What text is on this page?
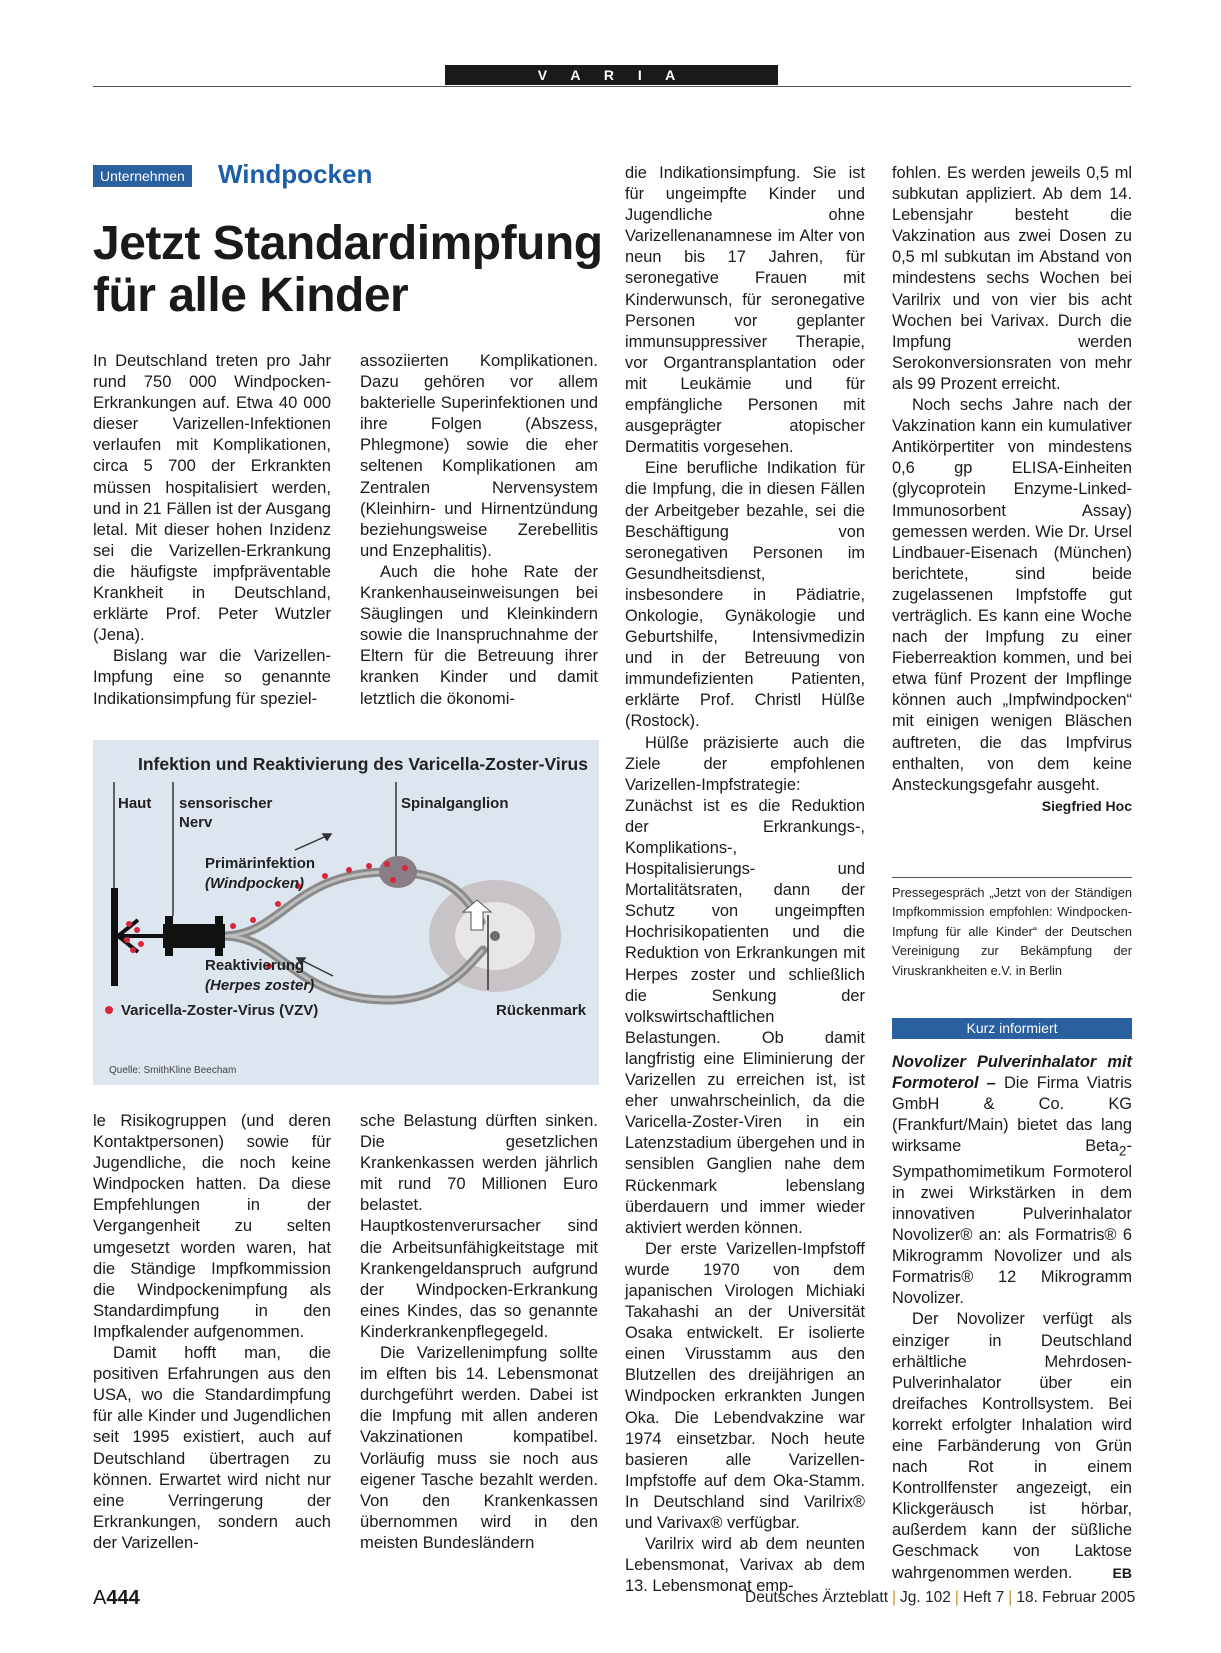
V A R I A
Unternehmen Windpocken
Jetzt Standardimpfung für alle Kinder

In Deutschland treten pro Jahr rund 750 000 Windpocken-Erkrankungen auf. Etwa 40 000 dieser Varizellen-Infektionen verlaufen mit Komplikationen, circa 5 700 der Erkrankten müssen hospitalisiert werden, und in 21 Fällen ist der Ausgang letal. Mit dieser hohen Inzidenz sei die Varizellen-Erkrankung die häufigste impfpräventable Krankheit in Deutschland, erklärte Prof. Peter Wutzler (Jena).

Bislang war die Varizellen-Impfung eine so genannte Indikationsimpfung für speziel-

assoziierten Komplikationen. Dazu gehören vor allem bakterielle Superinfektionen und ihre Folgen (Abszess, Phlegmone) sowie die eher seltenen Komplikationen am Zentralen Nervensystem (Kleinhirn- und Hirnentzündung beziehungsweise Zerebellitis und Enzephalitis).

Auch die hohe Rate der Krankenhauseinweisungen bei Säuglingen und Kleinkindern sowie die Inanspruchnahme der Eltern für die Betreuung ihrer kranken Kinder und damit letztlich die ökonomi-

Infektion und Reaktivierung des Varicella-Zoster-Virus
Haut sensorischer Nerv
Spinalganglion
Primärinfektion
(Windpocken)
Reaktivierung
(Herpes zoster)
Varicella-Zoster-Virus (VZV)	Rückenmark
Quelle: SmithKline Beecham

le Risikogruppen (und deren Kontaktpersonen) sowie für Jugendliche, die noch keine Windpocken hatten. Da diese Empfehlungen in der Vergangenheit zu selten umgesetzt worden waren, hat die Ständige Impfkommission die Windpockenimpfung als Standardimpfung in den Impfkalender aufgenommen.

Damit hofft man, die positiven Erfahrungen aus den USA, wo die Standardimpfung für alle Kinder und Jugendlichen seit 1995 existiert, auch auf Deutschland übertragen zu können. Erwartet wird nicht nur eine Verringerung der Erkrankungen, sondern auch der Varizellen-

sche Belastung dürften sinken. Die gesetzlichen Krankenkassen werden jährlich mit rund 70 Millionen Euro belastet. Hauptkostenverursacher sind die Arbeitsunfähigkeitstage mit Krankengeldanspruch aufgrund der Windpocken-Erkrankung eines Kindes, das so genannte Kinderkrankenpflegegeld.

Die Varizellenimpfung sollte im elften bis 14. Lebensmonat durchgeführt werden. Dabei ist die Impfung mit allen anderen Vakzinationen kompatibel. Vorläufig muss sie noch aus eigener Tasche bezahlt werden. Von den Krankenkassen übernommen wird in den meisten Bundesländern

die Indikationsimpfung. Sie ist für ungeimpfte Kinder und Jugendliche ohne Varizellenanamnese im Alter von neun bis 17 Jahren, für seronegative Frauen mit Kinderwunsch, für seronegative Personen vor geplanter immunsuppressiver Therapie, vor Organtransplantation oder mit Leukämie und für empfängliche Personen mit ausgeprägter atopischer Dermatitis vorgesehen.

Eine berufliche Indikation für die Impfung, die in diesen Fällen der Arbeitgeber bezahle, sei die Beschäftigung von seronegativen Personen im Gesundheitsdienst, insbesondere in Pädiatrie, Onkologie, Gynäkologie und Geburtshilfe, Intensivmedizin und in der Betreuung von immundefizienten Patienten, erklärte Prof. Christl Hülße (Rostock).

Hülße präzisierte auch die Ziele der empfohlenen Varizellen-Impfstrategie: Zunächst ist es die Reduktion der Erkrankungs-, Komplikations-, Hospitalisierungs- und Mortalitätsraten, dann der Schutz von ungeimpften Hochrisikopatienten und die Reduktion von Erkrankungen mit Herpes zoster und schließlich die Senkung der volkswirtschaftlichen Belastungen. Ob damit langfristig eine Eliminierung der Varizellen zu erreichen ist, ist eher unwahrscheinlich, da die Varicella-Zoster-Viren in ein Latenzstadium übergehen und in sensiblen Ganglien nahe dem Rückenmark lebenslang überdauern und immer wieder aktiviert werden können.

Der erste Varizellen-Impfstoff wurde 1970 von dem japanischen Virologen Michiaki Takahashi an der Universität Osaka entwickelt. Er isolierte einen Virusstamm aus den Blutzellen des dreijährigen an Windpocken erkrankten Jungen Oka. Die Lebendvakzine war 1974 einsetzbar. Noch heute basieren alle Varizellen-Impfstoffe auf dem Oka-Stamm. In Deutschland sind Varilrix® und Varivax® verfügbar.

Varilrix wird ab dem neunten Lebensmonat, Varivax ab dem 13. Lebensmonat emp-

fohlen. Es werden jeweils 0,5 ml subkutan appliziert. Ab dem 14. Lebensjahr besteht die Vakzination aus zwei Dosen zu 0,5 ml subkutan im Abstand von mindestens sechs Wochen bei Varilrix und von vier bis acht Wochen bei Varivax. Durch die Impfung werden Serokonversionsraten von mehr als 99 Prozent erreicht.

Noch sechs Jahre nach der Vakzination kann ein kumulativer Antikörpertiter von mindestens 0,6 gp ELISA-Einheiten (glycoprotein Enzyme-Linked-Immunosorbent Assay) gemessen werden. Wie Dr. Ursel Lindbauer-Eisenach (München) berichtete, sind beide zugelassenen Impfstoffe gut verträglich. Es kann eine Woche nach der Impfung zu einer Fieberreaktion kommen, und bei etwa fünf Prozent der Impflinge können auch „Impfwindpocken“ mit einigen wenigen Bläschen auftreten, die das Impfvirus enthalten, von dem keine Ansteckungsgefahr ausgeht.
Siegfried Hoc

Pressegespräch „Jetzt von der Ständigen Impfkommission empfohlen: Windpocken-Impfung für alle Kinder“ der Deutschen Vereinigung zur Bekämpfung der Viruskrankheiten e.V. in Berlin
Kurz informiert

Novolizer Pulverinhalator mit Formoterol – Die Firma Viatris GmbH & Co. KG (Frankfurt/Main) bietet das lang wirksame Beta$_2$-Sympathomimetikum Formoterol in zwei Wirkstärken in dem innovativen Pulverinhalator Novolizer® an: als Formatris® 6 Mikrogramm Novolizer und als Formatris® 12 Mikrogramm Novolizer.

Der Novolizer verfügt als einziger in Deutschland erhältliche Mehrdosen-Pulverinhalator über ein dreifaches Kontrollsystem. Bei korrekt erfolgter Inhalation wird eine Farbänderung von Grün nach Rot in einem Kontrollfenster angezeigt, ein Klickgeräusch ist hörbar, außerdem kann der süßliche Geschmack von Laktose wahrgenommen werden.	EB

A444	Deutsches Ärzteblatt | Jg. 102 | Heft 7 | 18. Februar 2005
